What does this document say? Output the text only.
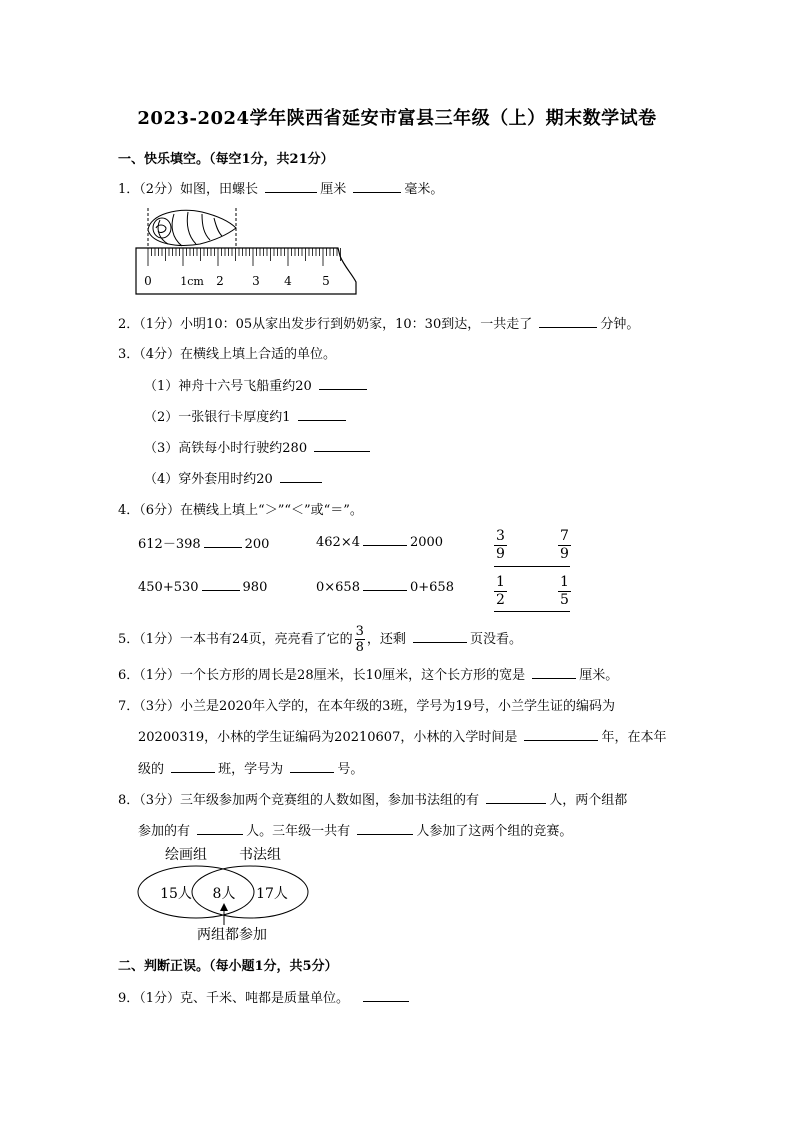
2023-2024学年陕西省延安市富县三年级（上）期末数学试卷
一、快乐填空。（每空1分，共21分）
1．（2分）如图，田螺长	厘米	毫米。
0	1cm 2 3 4	5
2．（1分）小明10：05从家出发步行到奶奶家，10：30到达，一共走了	分钟。
3．（4分）在横线上填上合适的单位。
（1）神舟十六号飞船重约20
（2）一张银行卡厚度约1
（3）高铁每小时行驶约280
（4）穿外套用时约20
4．（6分）在横线上填上“＞”“＜”或“＝”。
612－398	200	462×4	2000
450+530	980	0×658	0+658
$\frac{3}{9}$	$\frac{7}{9}$
$\frac{1}{2}$	$\frac{1}{5}$
5．（1分）一本书有24页，亮亮看了它的 $\frac{3}{8}$ ，还剩	页没看。
6．（1分）一个长方形的周长是28厘米，长10厘米，这个长方形的宽是	厘米。
7．（3分）小兰是2020年入学的，在本年级的3班，学号为19号，小兰学生证的编码为
20200319，小林的学生证编码为20210607，小林的入学时间是	年，在本年
级的	班，学号为	号。
8．（3分）三年级参加两个竞赛组的人数如图，参加书法组的有	人，两个组都
参加的有	人。三年级一共有	人参加了这两个组的竞赛。
绘画组 书法组
15人 8人 17人
两组都参加
二、判断正误。（每小题1分，共5分）
9．（1分）克、千米、吨都是质量单位。
